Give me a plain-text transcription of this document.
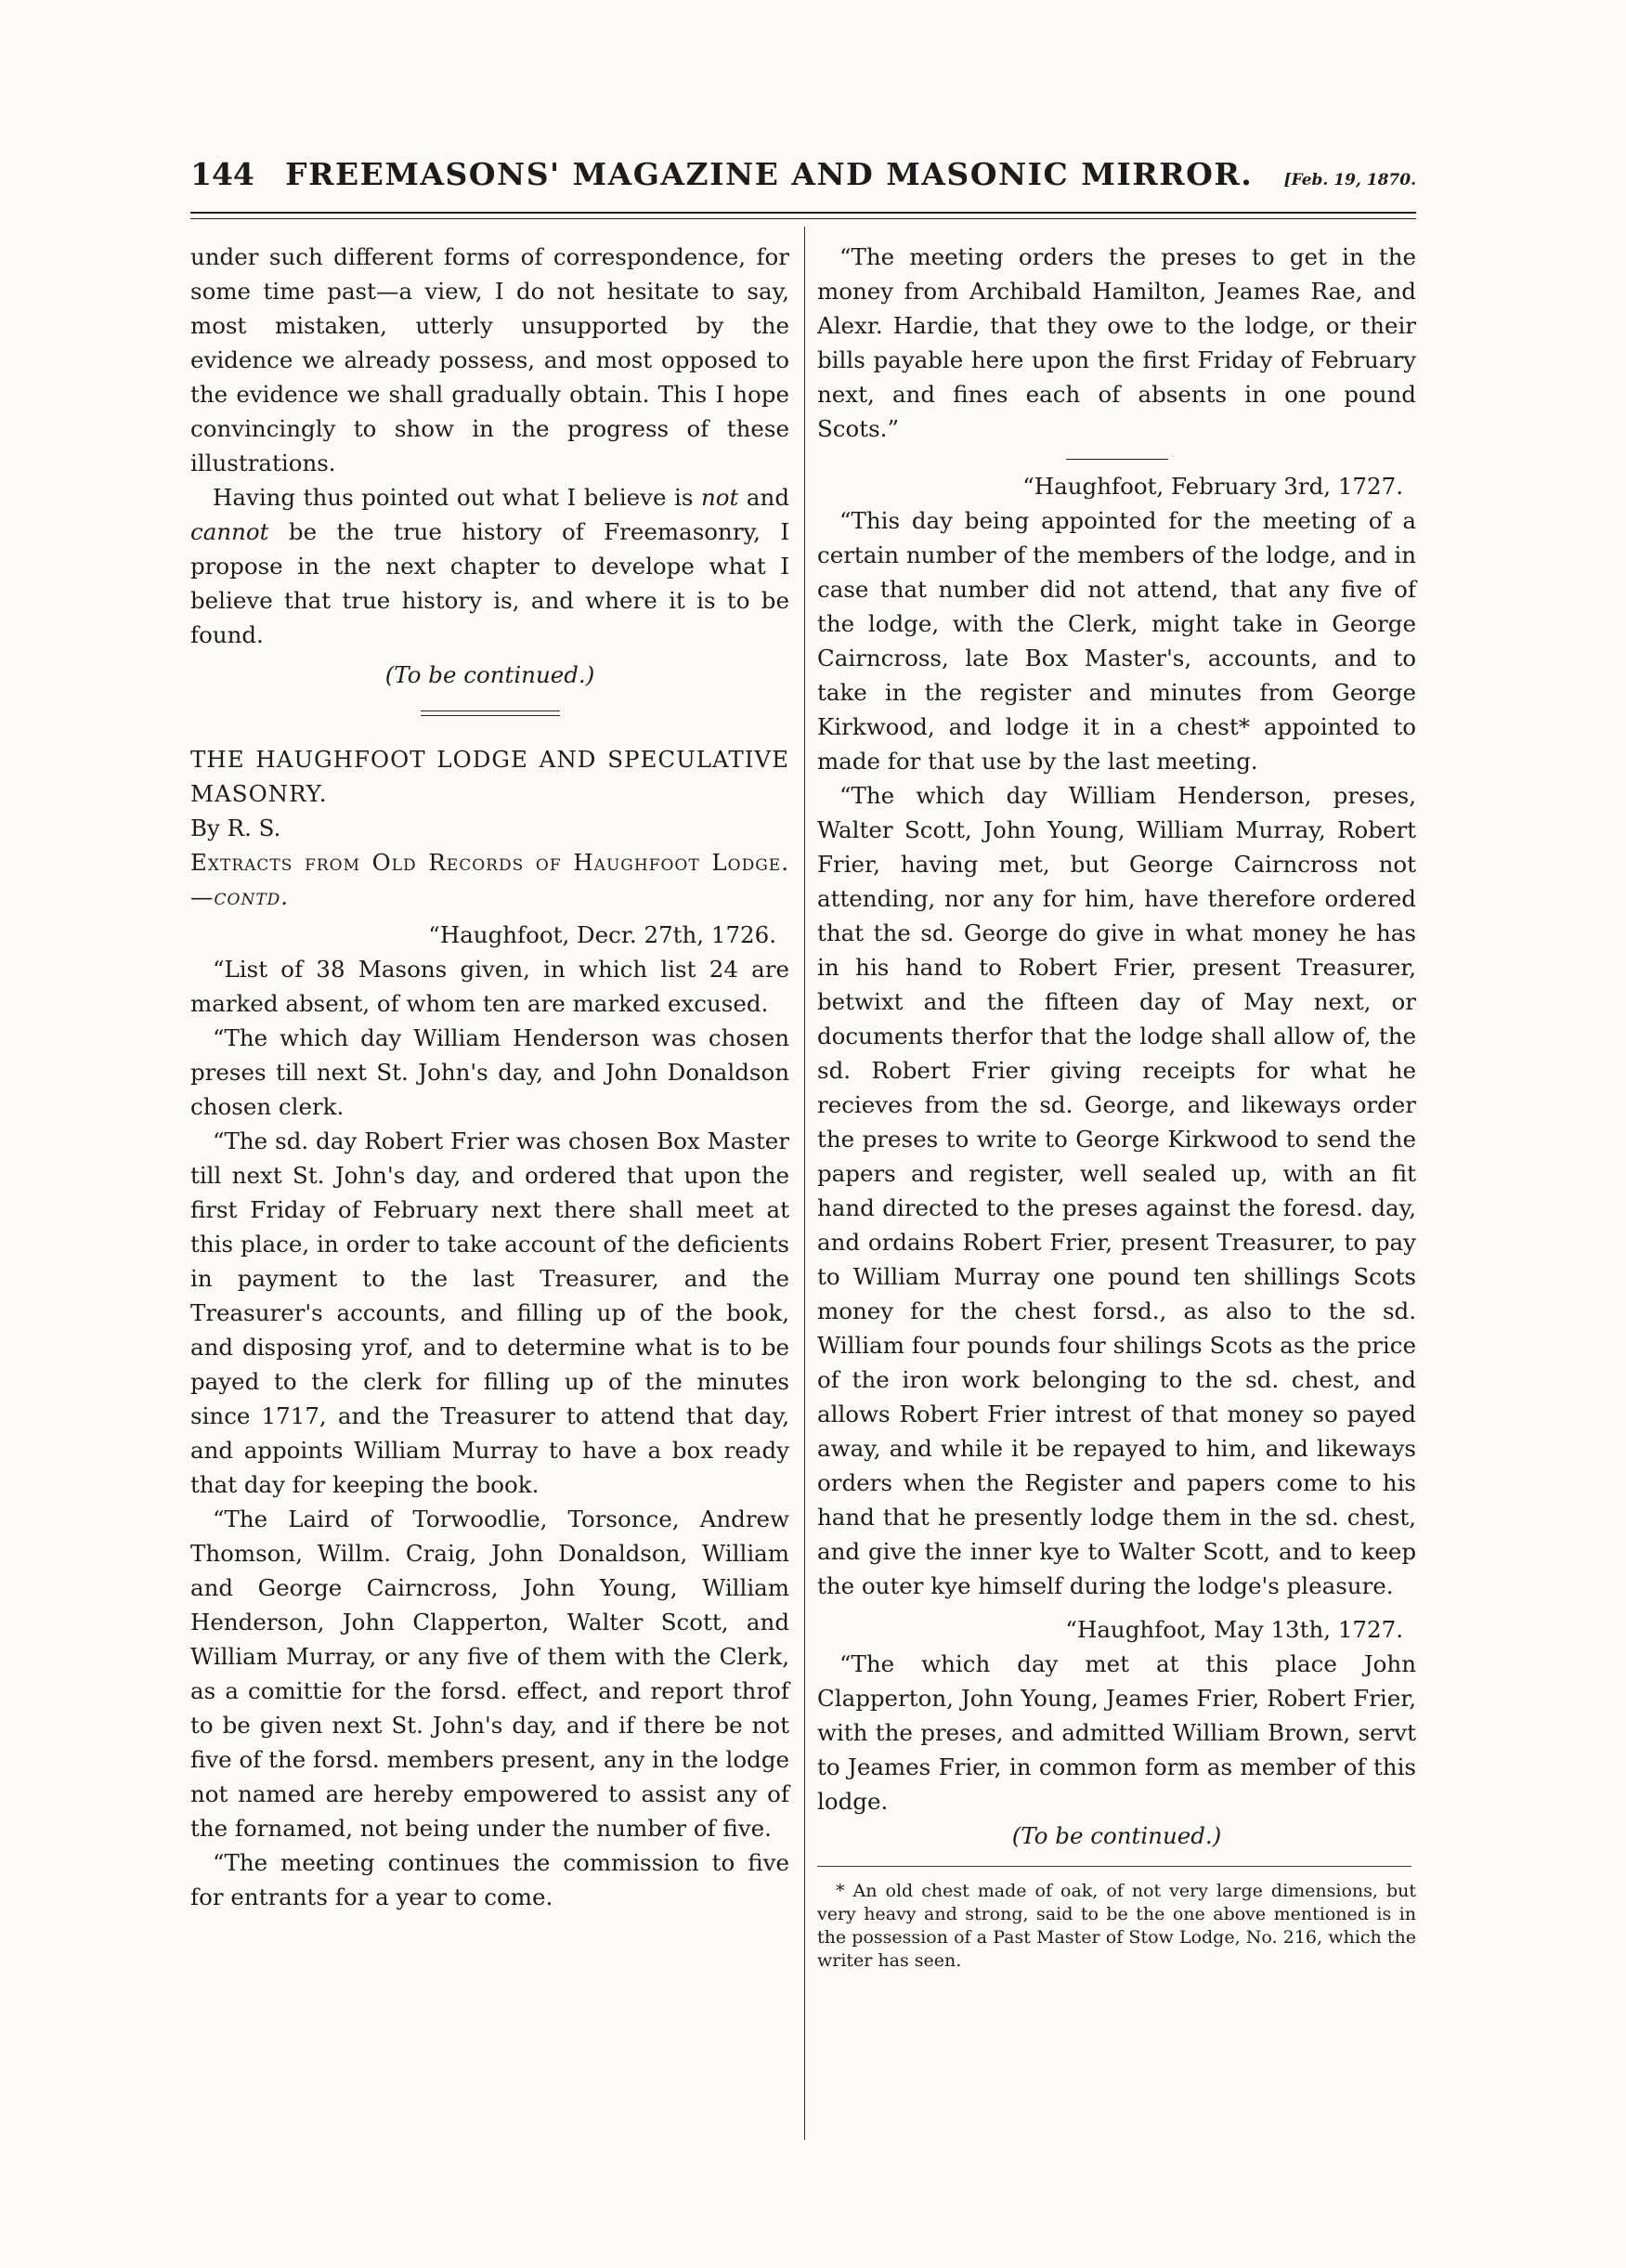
144 FREEMASONS' MAGAZINE AND MASONIC MIRROR. [Feb. 19, 1870.

under such different forms of correspondence, for some time past—a view, I do not hesitate to say, most mistaken, utterly unsupported by the evidence we already possess, and most opposed to the evidence we shall gradually obtain. This I hope convincingly to show in the progress of these illustrations.

Having thus pointed out what I believe is not and cannot be the true history of Freemasonry, I propose in the next chapter to develope what I believe that true history is, and where it is to be found.

(To be continued.)

THE HAUGHFOOT LODGE AND SPECULATIVE MASONRY.

By R. S.

Extracts from Old Records of Haughfoot Lodge.—contd.

“Haughfoot, Decr. 27th, 1726.

“List of 38 Masons given, in which list 24 are marked absent, of whom ten are marked excused.

“The which day William Henderson was chosen preses till next St. John's day, and John Donaldson chosen clerk.

“The sd. day Robert Frier was chosen Box Master till next St. John's day, and ordered that upon the first Friday of February next there shall meet at this place, in order to take account of the deficients in payment to the last Treasurer, and the Treasurer's accounts, and filling up of the book, and disposing yrof, and to determine what is to be payed to the clerk for filling up of the minutes since 1717, and the Treasurer to attend that day, and appoints William Murray to have a box ready that day for keeping the book.

“The Laird of Torwoodlie, Torsonce, Andrew Thomson, Willm. Craig, John Donaldson, William and George Cairncross, John Young, William Henderson, John Clapperton, Walter Scott, and William Murray, or any five of them with the Clerk, as a comittie for the forsd. effect, and report throf to be given next St. John's day, and if there be not five of the forsd. members present, any in the lodge not named are hereby empowered to assist any of the fornamed, not being under the number of five.

“The meeting continues the commission to five for entrants for a year to come.

“The meeting orders the preses to get in the money from Archibald Hamilton, Jeames Rae, and Alexr. Hardie, that they owe to the lodge, or their bills payable here upon the first Friday of February next, and fines each of absents in one pound Scots.”

“Haughfoot, February 3rd, 1727.

“This day being appointed for the meeting of a certain number of the members of the lodge, and in case that number did not attend, that any five of the lodge, with the Clerk, might take in George Cairncross, late Box Master's, accounts, and to take in the register and minutes from George Kirkwood, and lodge it in a chest* appointed to made for that use by the last meeting.

“The which day William Henderson, preses, Walter Scott, John Young, William Murray, Robert Frier, having met, but George Cairncross not attending, nor any for him, have therefore ordered that the sd. George do give in what money he has in his hand to Robert Frier, present Treasurer, betwixt and the fifteen day of May next, or documents therfor that the lodge shall allow of, the sd. Robert Frier giving receipts for what he recieves from the sd. George, and likeways order the preses to write to George Kirkwood to send the papers and register, well sealed up, with an fit hand directed to the preses against the foresd. day, and ordains Robert Frier, present Treasurer, to pay to William Murray one pound ten shillings Scots money for the chest forsd., as also to the sd. William four pounds four shilings Scots as the price of the iron work belonging to the sd. chest, and allows Robert Frier intrest of that money so payed away, and while it be repayed to him, and likeways orders when the Register and papers come to his hand that he presently lodge them in the sd. chest, and give the inner kye to Walter Scott, and to keep the outer kye himself during the lodge's pleasure.

“Haughfoot, May 13th, 1727.

“The which day met at this place John Clapperton, John Young, Jeames Frier, Robert Frier, with the preses, and admitted William Brown, servt to Jeames Frier, in common form as member of this lodge.

(To be continued.)

* An old chest made of oak, of not very large dimensions, but very heavy and strong, said to be the one above mentioned is in the possession of a Past Master of Stow Lodge, No. 216, which the writer has seen.
